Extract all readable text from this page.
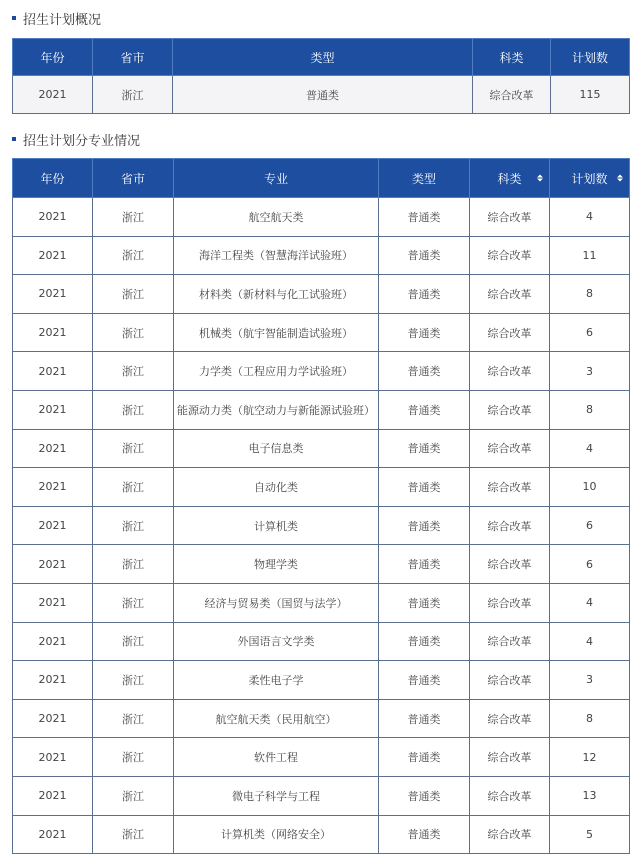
招生计划概况
年份	省市	类型	科类	计划数
2021	浙江	普通类	综合改革	115
招生计划分专业情况
年份	省市	专业	类型	科类	计划数

2021	浙江	航空航天类	普通类	综合改革	4
2021	浙江	海洋工程类（智慧海洋试验班）	普通类	综合改革	11
2021	浙江	材料类（新材料与化工试验班）	普通类	综合改革	8
2021	浙江	机械类（航宇智能制造试验班）	普通类	综合改革	6
2021	浙江	力学类（工程应用力学试验班）	普通类	综合改革	3
2021	浙江	能源动力类（航空动力与新能源试验班）	普通类	综合改革	8
2021	浙江	电子信息类	普通类	综合改革	4
2021	浙江	自动化类	普通类	综合改革	10
2021	浙江	计算机类	普通类	综合改革	6
2021	浙江	物理学类	普通类	综合改革	6
2021	浙江	经济与贸易类（国贸与法学）	普通类	综合改革	4
2021	浙江	外国语言文学类	普通类	综合改革	4
2021	浙江	柔性电子学	普通类	综合改革	3
2021	浙江	航空航天类（民用航空）	普通类	综合改革	8
2021	浙江	软件工程	普通类	综合改革	12
2021	浙江	微电子科学与工程	普通类	综合改革	13
2021	浙江	计算机类（网络安全）	普通类	综合改革	5
